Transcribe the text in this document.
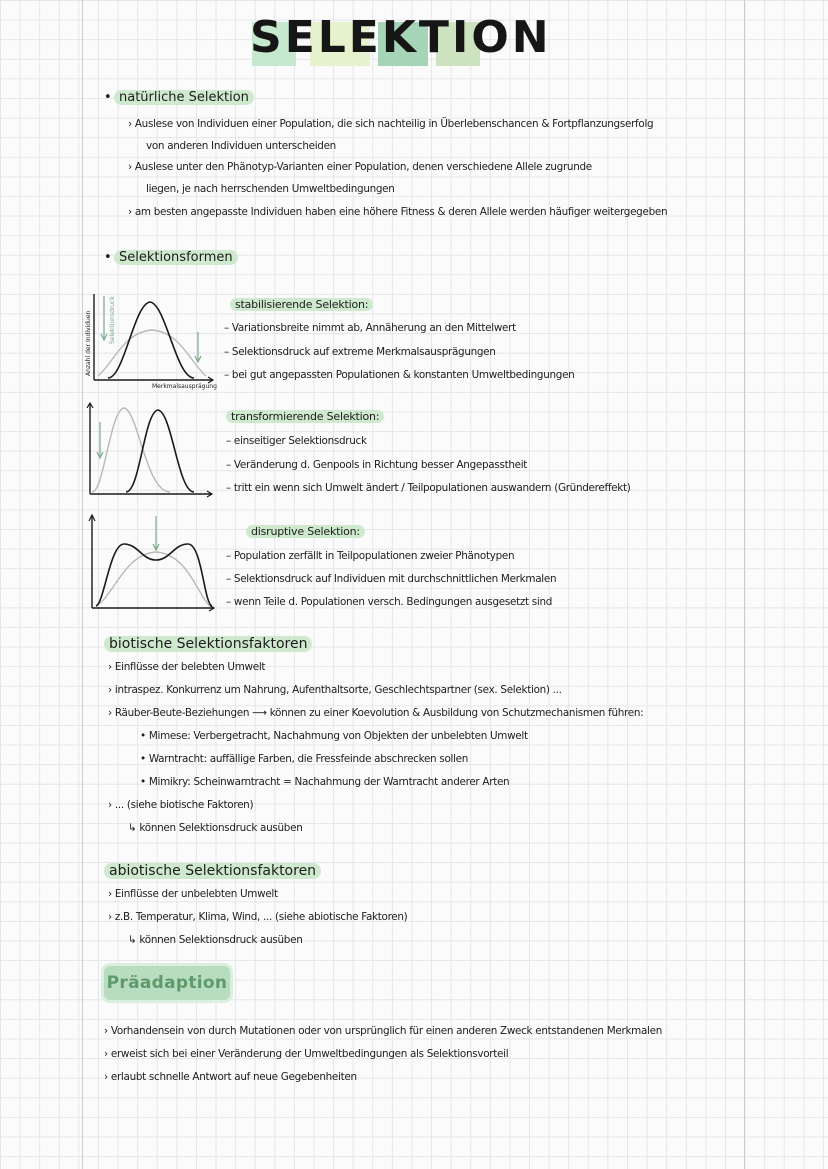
SELEKTION
• natürliche Selektion
› Auslese von Individuen einer Population, die sich nachteilig in Überlebenschancen & Fortpflanzungserfolg
von anderen Individuen unterscheiden
› Auslese unter den Phänotyp-Varianten einer Population, denen verschiedene Allele zugrunde
liegen, je nach herrschenden Umweltbedingungen
› am besten angepasste Individuen haben eine höhere Fitness & deren Allele werden häufiger weitergegeben
• Selektionsformen
Selektionsdruck
Anzahl der Individuen
Merkmalsausprägung
stabilisierende Selektion:
– Variationsbreite nimmt ab, Annäherung an den Mittelwert
– Selektionsdruck auf extreme Merkmalsausprägungen
– bei gut angepassten Populationen & konstanten Umweltbedingungen
transformierende Selektion:
– einseitiger Selektionsdruck
– Veränderung d. Genpools in Richtung besser Angepasstheit
– tritt ein wenn sich Umwelt ändert / Teilpopulationen auswandern (Gründereffekt)
disruptive Selektion:
– Population zerfällt in Teilpopulationen zweier Phänotypen
– Selektionsdruck auf Individuen mit durchschnittlichen Merkmalen
– wenn Teile d. Populationen versch. Bedingungen ausgesetzt sind
biotische Selektionsfaktoren
› Einflüsse der belebten Umwelt
› intraspez. Konkurrenz um Nahrung, Aufenthaltsorte, Geschlechtspartner (sex. Selektion) ...
› Räuber-Beute-Beziehungen ⟶ können zu einer Koevolution & Ausbildung von Schutzmechanismen führen:
• Mimese: Verbergetracht, Nachahmung von Objekten der unbelebten Umwelt
• Warntracht: auffällige Farben, die Fressfeinde abschrecken sollen
• Mimikry: Scheinwarntracht = Nachahmung der Warntracht anderer Arten
› ... (siehe biotische Faktoren)
↳ können Selektionsdruck ausüben
abiotische Selektionsfaktoren
› Einflüsse der unbelebten Umwelt
› z.B. Temperatur, Klima, Wind, ... (siehe abiotische Faktoren)
↳ können Selektionsdruck ausüben
Präadaption
› Vorhandensein von durch Mutationen oder von ursprünglich für einen anderen Zweck entstandenen Merkmalen
› erweist sich bei einer Veränderung der Umweltbedingungen als Selektionsvorteil
› erlaubt schnelle Antwort auf neue Gegebenheiten
